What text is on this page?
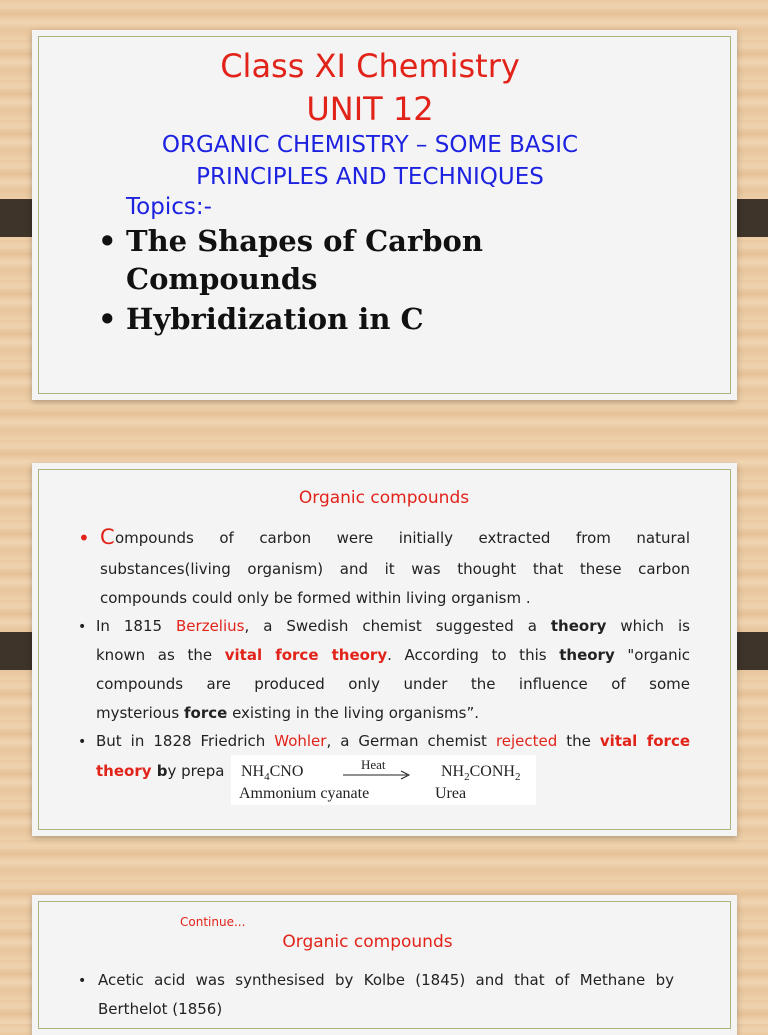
Class XI Chemistry
UNIT 12
ORGANIC CHEMISTRY – SOME BASIC
PRINCIPLES AND TECHNIQUES
Topics:-
• The Shapes of Carbon
Compounds
• Hybridization in C
Organic compounds
• C ompounds of carbon were initially extracted from natural
substances(living organism) and it was thought that these carbon
compounds could only be formed within living organism .
• In 1815 Berzelius, a Swedish chemist suggested a theory which is
known as the vital force theory. According to this theory "organic
compounds are produced only under the influence of some
mysterious force existing in the living organisms”.
• But in 1828 Friedrich Wohler, a German chemist rejected the vital force
theory by prepa	$NH_4CNO$	Heat	$NH_2CONH_2$
Ammonium cyanate	Urea
Continue...
Organic compounds
• Acetic acid was synthesised by Kolbe (1845) and that of Methane by
Berthelot (1856)
